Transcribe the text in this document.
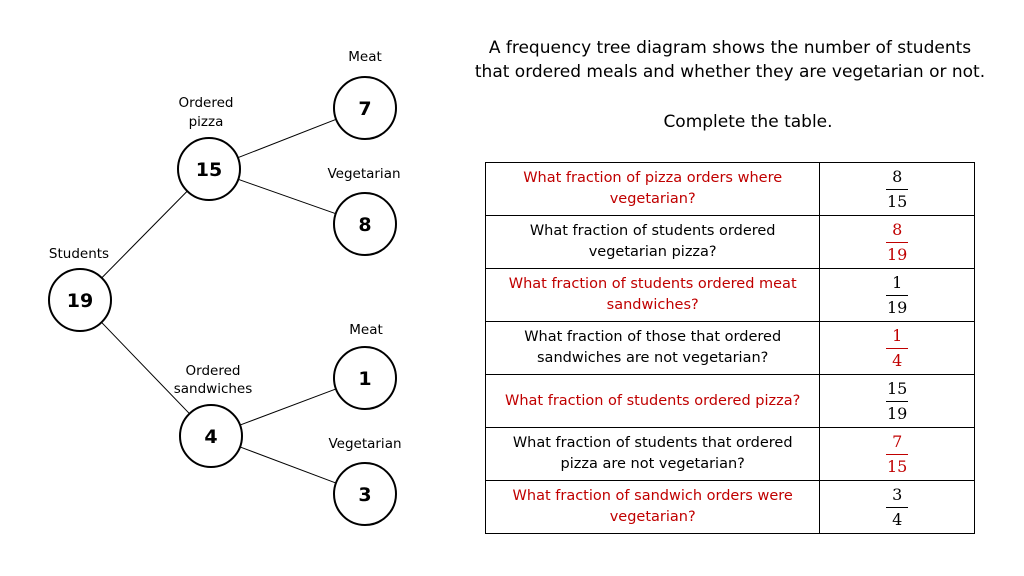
19
15
4
7
8
1
3
Students
Ordered
pizza
Ordered
sandwiches
Meat
Vegetarian
Meat
Vegetarian
A frequency tree diagram shows the number of students
that ordered meals and whether they are vegetarian or not.
Complete the table.
What fraction of pizza orders where vegetarian?	$\frac{8}{15}$

What fraction of students ordered vegetarian pizza?	$\frac{8}{19}$

What fraction of students ordered meat sandwiches?	$\frac{1}{19}$

What fraction of those that ordered sandwiches are not vegetarian?	$\frac{1}{4}$

What fraction of students ordered pizza?	$\frac{15}{19}$

What fraction of students that ordered pizza are not vegetarian?	$\frac{7}{15}$

What fraction of sandwich orders were vegetarian?	$\frac{3}{4}$
